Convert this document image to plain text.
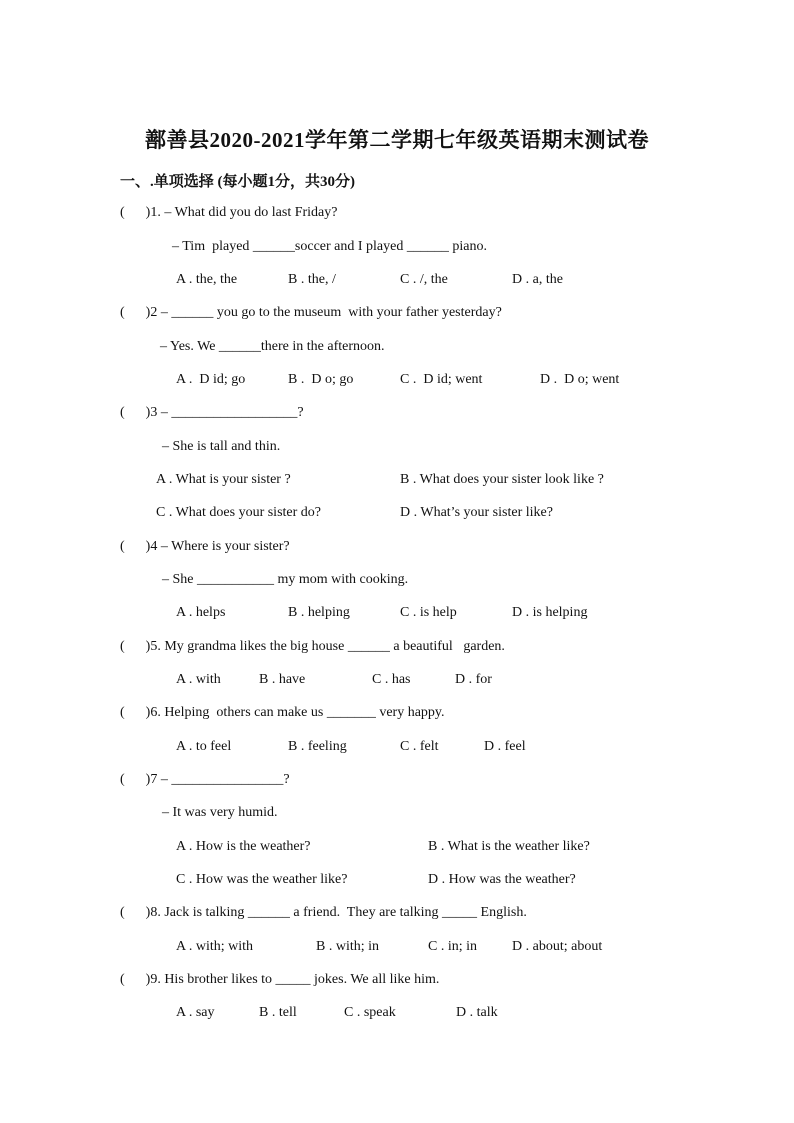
鄯善县2020-2021学年第二学期七年级英语期末测试卷
一、.单项选择 (每小题1分，共30分)
(      )1. – What did you do last Friday?
– Tim  played ______soccer and I played ______ piano.
A . the, the	B . the, /	C . /, the	D . a, the
(      )2 – ______ you go to the museum  with your father yesterday?
– Yes. We ______there in the afternoon.
A .  D id; go	B .  D o; go	C .  D id; went	D .  D o; went
(      )3 – __________________?
– She is tall and thin.
A . What is your sister ?	B . What does your sister look like ?
C . What does your sister do?	D . What’s your sister like?
(      )4 – Where is your sister?
– She ___________ my mom with cooking.
A . helps	B . helping	C . is help	D . is helping
(      )5. My grandma likes the big house ______ a beautiful   garden.
A . with	B . have	C . has	D . for
(      )6. Helping  others can make us _______ very happy.
A . to feel	B . feeling	C . felt	D . feel
(      )7 – ________________?
– It was very humid.
A . How is the weather?	B . What is the weather like?
C . How was the weather like?	D . How was the weather?
(      )8. Jack is talking ______ a friend.  They are talking _____ English.
A . with; with	B . with; in	C . in; in D . about; about
(      )9. His brother likes to _____ jokes. We all like him.
A . say	B . tell	C . speak	D . talk
